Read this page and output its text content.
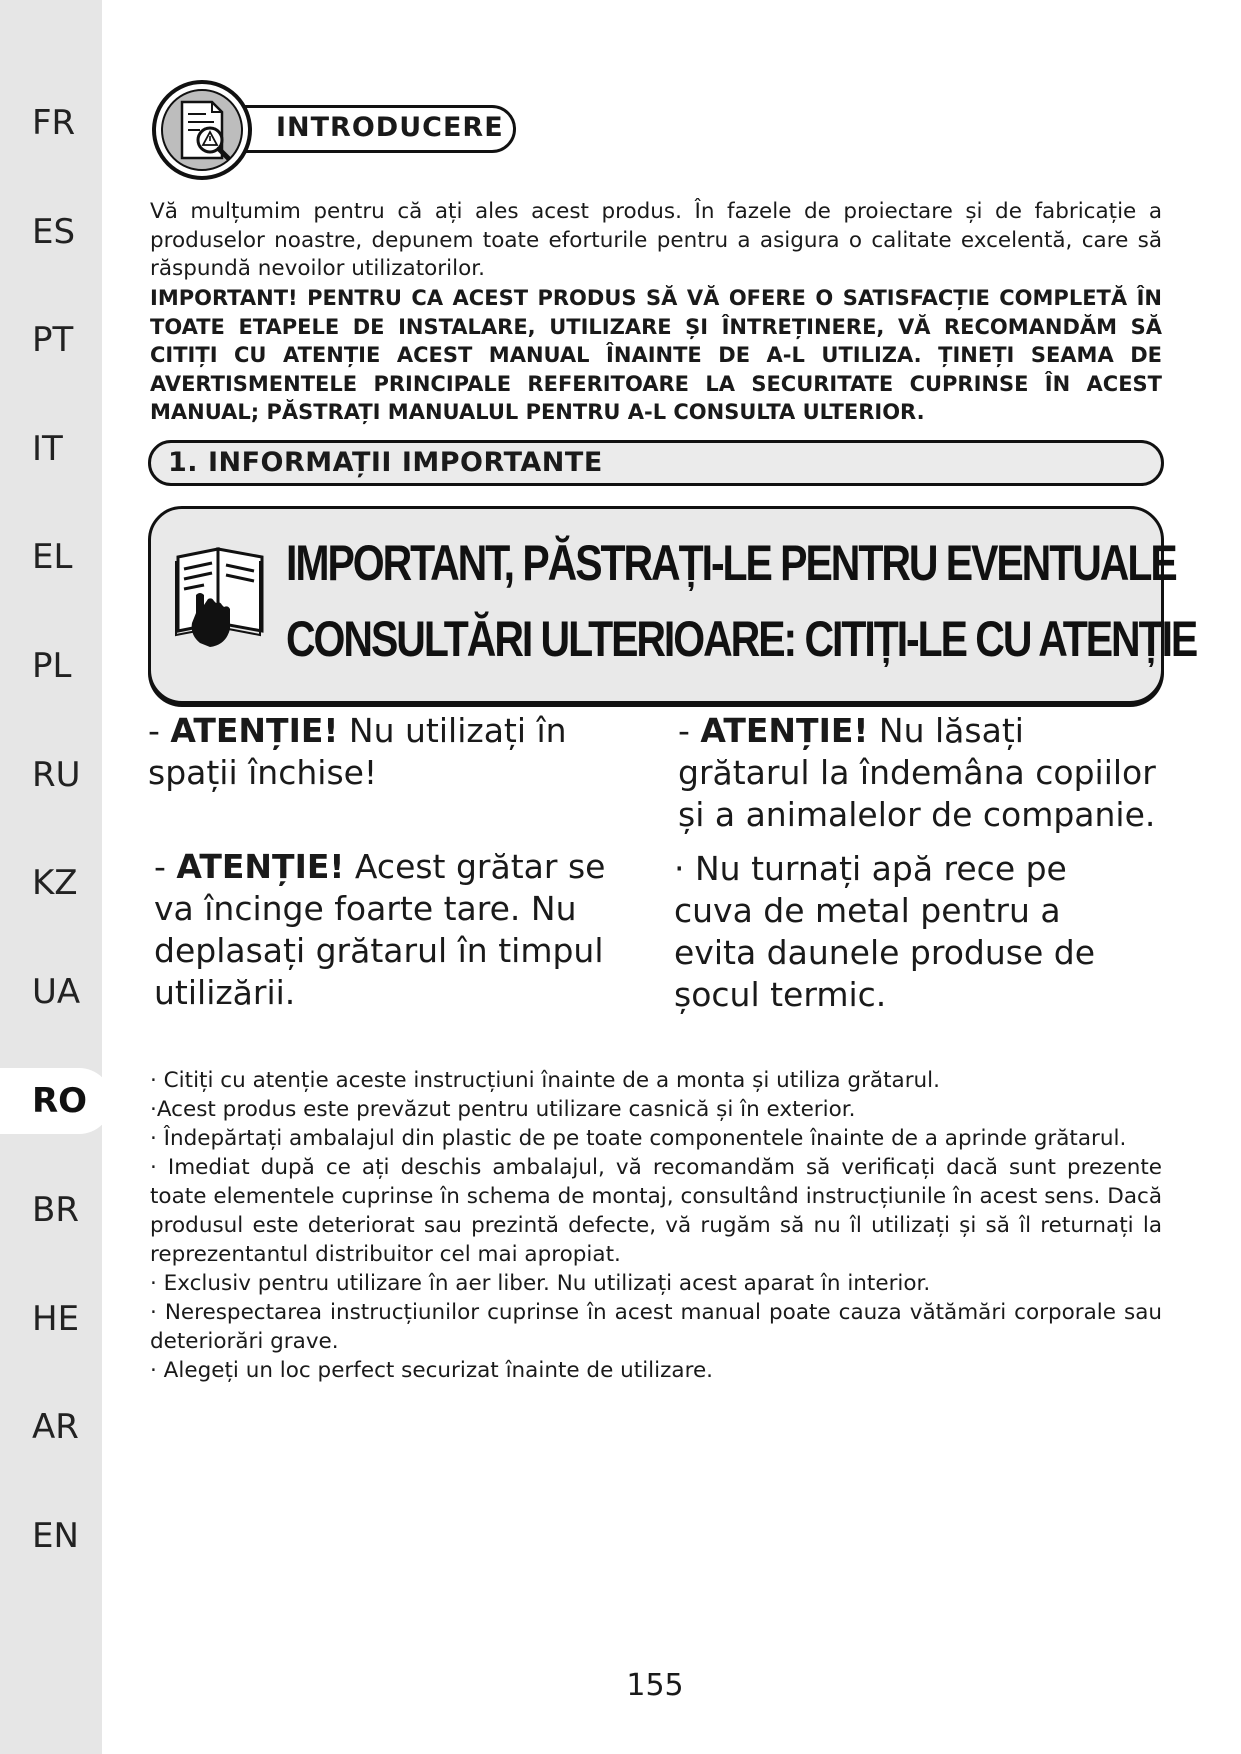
FR
ES
PT
IT
EL
PL
RU
KZ
UA
RO
BR
HE
AR
EN
INTRODUCERE
Vă mulțumim pentru că ați ales acest produs. În fazele de proiectare și de fabricație a produselor noastre, depunem toate eforturile pentru a asigura o calitate excelentă, care să răspundă nevoilor utilizatorilor.
IMPORTANT! PENTRU CA ACEST PRODUS SĂ VĂ OFERE O SATISFACȚIE COMPLETĂ ÎN TOATE ETAPELE DE INSTALARE, UTILIZARE ȘI ÎNTREȚINERE, VĂ RECOMANDĂM SĂ CITIȚI CU ATENȚIE ACEST MANUAL ÎNAINTE DE A-L UTILIZA. ȚINEȚI SEAMA DE AVERTISMENTELE PRINCIPALE REFERITOARE LA SECURITATE CUPRINSE ÎN ACEST MANUAL; PĂSTRAȚI MANUALUL PENTRU A-L CONSULTA ULTERIOR.
1. INFORMAȚII IMPORTANTE
IMPORTANT, PĂSTRAȚI-LE PENTRU EVENTUALE
CONSULTĂRI ULTERIOARE: CITIȚI-LE CU ATENȚIE
- ATENȚIE! Nu utilizați în spații închise!
- ATENȚIE! Nu lăsați grătarul la îndemâna copiilor și a animalelor de companie.
- ATENȚIE! Acest grătar se va încinge foarte tare. Nu deplasați grătarul în timpul utilizării.
· Nu turnați apă rece pe cuva de metal pentru a evita daunele produse de șocul termic.
· Citiți cu atenție aceste instrucțiuni înainte de a monta și utiliza grătarul.
·Acest produs este prevăzut pentru utilizare casnică și în exterior.
· Îndepărtați ambalajul din plastic de pe toate componentele înainte de a aprinde grătarul.
· Imediat după ce ați deschis ambalajul, vă recomandăm să verificați dacă sunt prezente toate elementele cuprinse în schema de montaj, consultând instrucțiunile în acest sens. Dacă produsul este deteriorat sau prezintă defecte, vă rugăm să nu îl utilizați și să îl returnați la reprezentantul distribuitor cel mai apropiat.
· Exclusiv pentru utilizare în aer liber. Nu utilizați acest aparat în interior.
· Nerespectarea instrucțiunilor cuprinse în acest manual poate cauza vătămări corporale sau deteriorări grave.
· Alegeți un loc perfect securizat înainte de utilizare.
155
